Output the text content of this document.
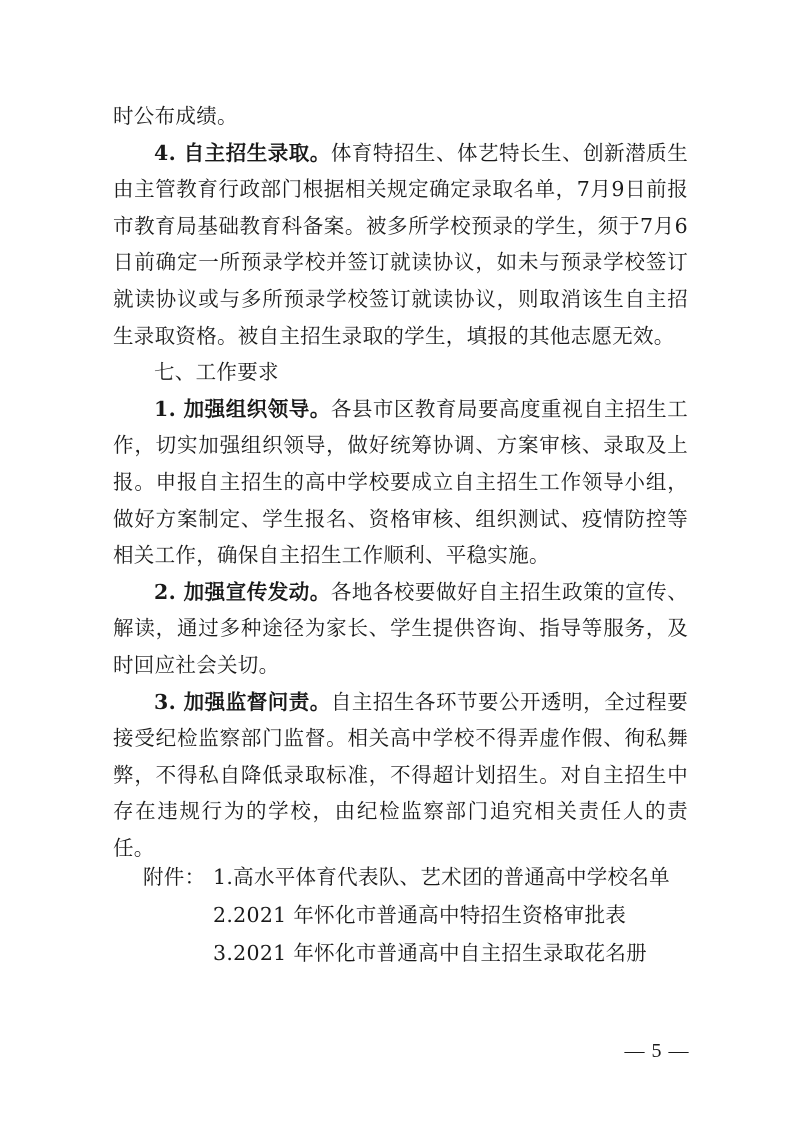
时公布成绩。

4. 自主招生录取。体育特招生、体艺特长生、创新潜质生由主管教育行政部门根据相关规定确定录取名单，7月9日前报市教育局基础教育科备案。被多所学校预录的学生，须于7月6日前确定一所预录学校并签订就读协议，如未与预录学校签订就读协议或与多所预录学校签订就读协议，则取消该生自主招生录取资格。被自主招生录取的学生，填报的其他志愿无效。

七、工作要求

1. 加强组织领导。各县市区教育局要高度重视自主招生工作，切实加强组织领导，做好统筹协调、方案审核、录取及上报。申报自主招生的高中学校要成立自主招生工作领导小组，做好方案制定、学生报名、资格审核、组织测试、疫情防控等相关工作，确保自主招生工作顺利、平稳实施。

2. 加强宣传发动。各地各校要做好自主招生政策的宣传、解读，通过多种途径为家长、学生提供咨询、指导等服务，及时回应社会关切。

3. 加强监督问责。自主招生各环节要公开透明，全过程要接受纪检监察部门监督。相关高中学校不得弄虚作假、徇私舞弊，不得私自降低录取标准，不得超计划招生。对自主招生中存在违规行为的学校，由纪检监察部门追究相关责任人的责任。

附件： 1.高水平体育代表队、艺术团的普通高中学校名单
2.2021 年怀化市普通高中特招生资格审批表
3.2021 年怀化市普通高中自主招生录取花名册
— 5 —
